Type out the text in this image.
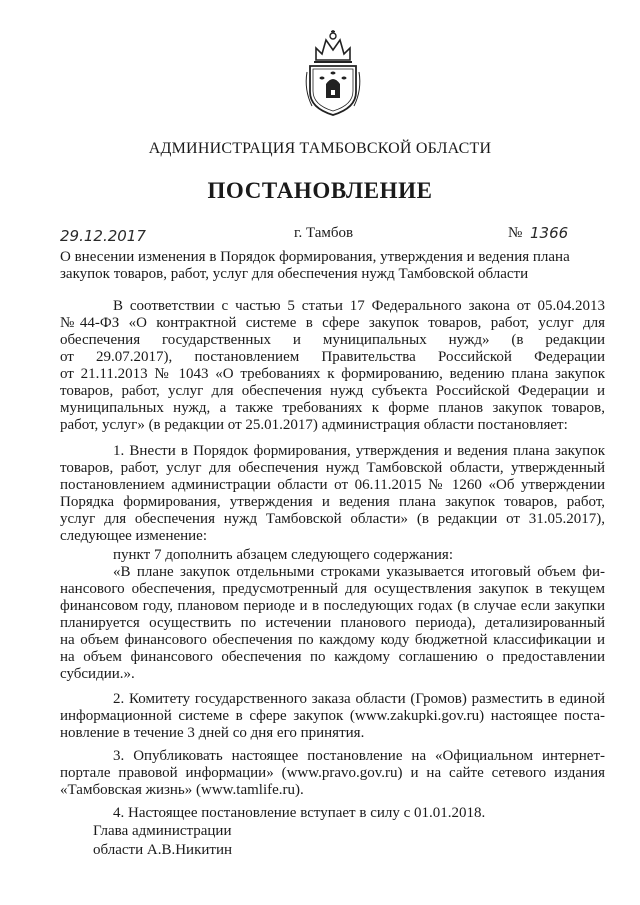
АДМИНИСТРАЦИЯ ТАМБОВСКОЙ ОБЛАСТИ
ПОСТАНОВЛЕНИЕ
29.12.2017	г. Тамбов	№ 1366
О внесении изменения в Порядок формирования, утверждения и ведения плана закупок товаров, работ, услуг для обеспечения нужд Тамбовской области
В соответствии с частью 5 статьи 17 Федерального закона от 05.04.2013
№44-ФЗ «О контрактной системе в сфере закупок товаров, работ, услуг для
обеспечения государственных и муниципальных нужд» (в редакции
от 29.07.2017), постановлением Правительства Российской Федерации
от 21.11.2013 № 1043 «О требованиях к формированию, ведению плана закупок
товаров, работ, услуг для обеспечения нужд субъекта Российской Федерации и
муниципальных нужд, а также требованиях к форме планов закупок товаров,
работ, услуг» (в редакции от 25.01.2017) администрация области постановляет:
1. Внести в Порядок формирования, утверждения и ведения плана закупок
товаров, работ, услуг для обеспечения нужд Тамбовской области, утвержденный
постановлением администрации области от 06.11.2015 № 1260 «Об утверждении
Порядка формирования, утверждения и ведения плана закупок товаров, работ,
услуг для обеспечения нужд Тамбовской области» (в редакции от 31.05.2017),
следующее изменение:
пункт 7 дополнить абзацем следующего содержания:
«В плане закупок отдельными строками указывается итоговый объем фи-
нансового обеспечения, предусмотренный для осуществления закупок в текущем
финансовом году, плановом периоде и в последующих годах (в случае если закупки
планируется осуществить по истечении планового периода), детализированный
на объем финансового обеспечения по каждому коду бюджетной классификации и
на объем финансового обеспечения по каждому соглашению о предоставлении
субсидии.».
2. Комитету государственного заказа области (Громов) разместить в единой
информационной системе в сфере закупок (www.zakupki.gov.ru) настоящее поста-
новление в течение 3 дней со дня его принятия.
3. Опубликовать настоящее постановление на «Официальном интернет-
портале правовой информации» (www.pravo.gov.ru) и на сайте сетевого издания
«Тамбовская жизнь» (www.tamlife.ru).
4. Настоящее постановление вступает в силу с 01.01.2018.
Глава администрации
области А.В.Никитин
